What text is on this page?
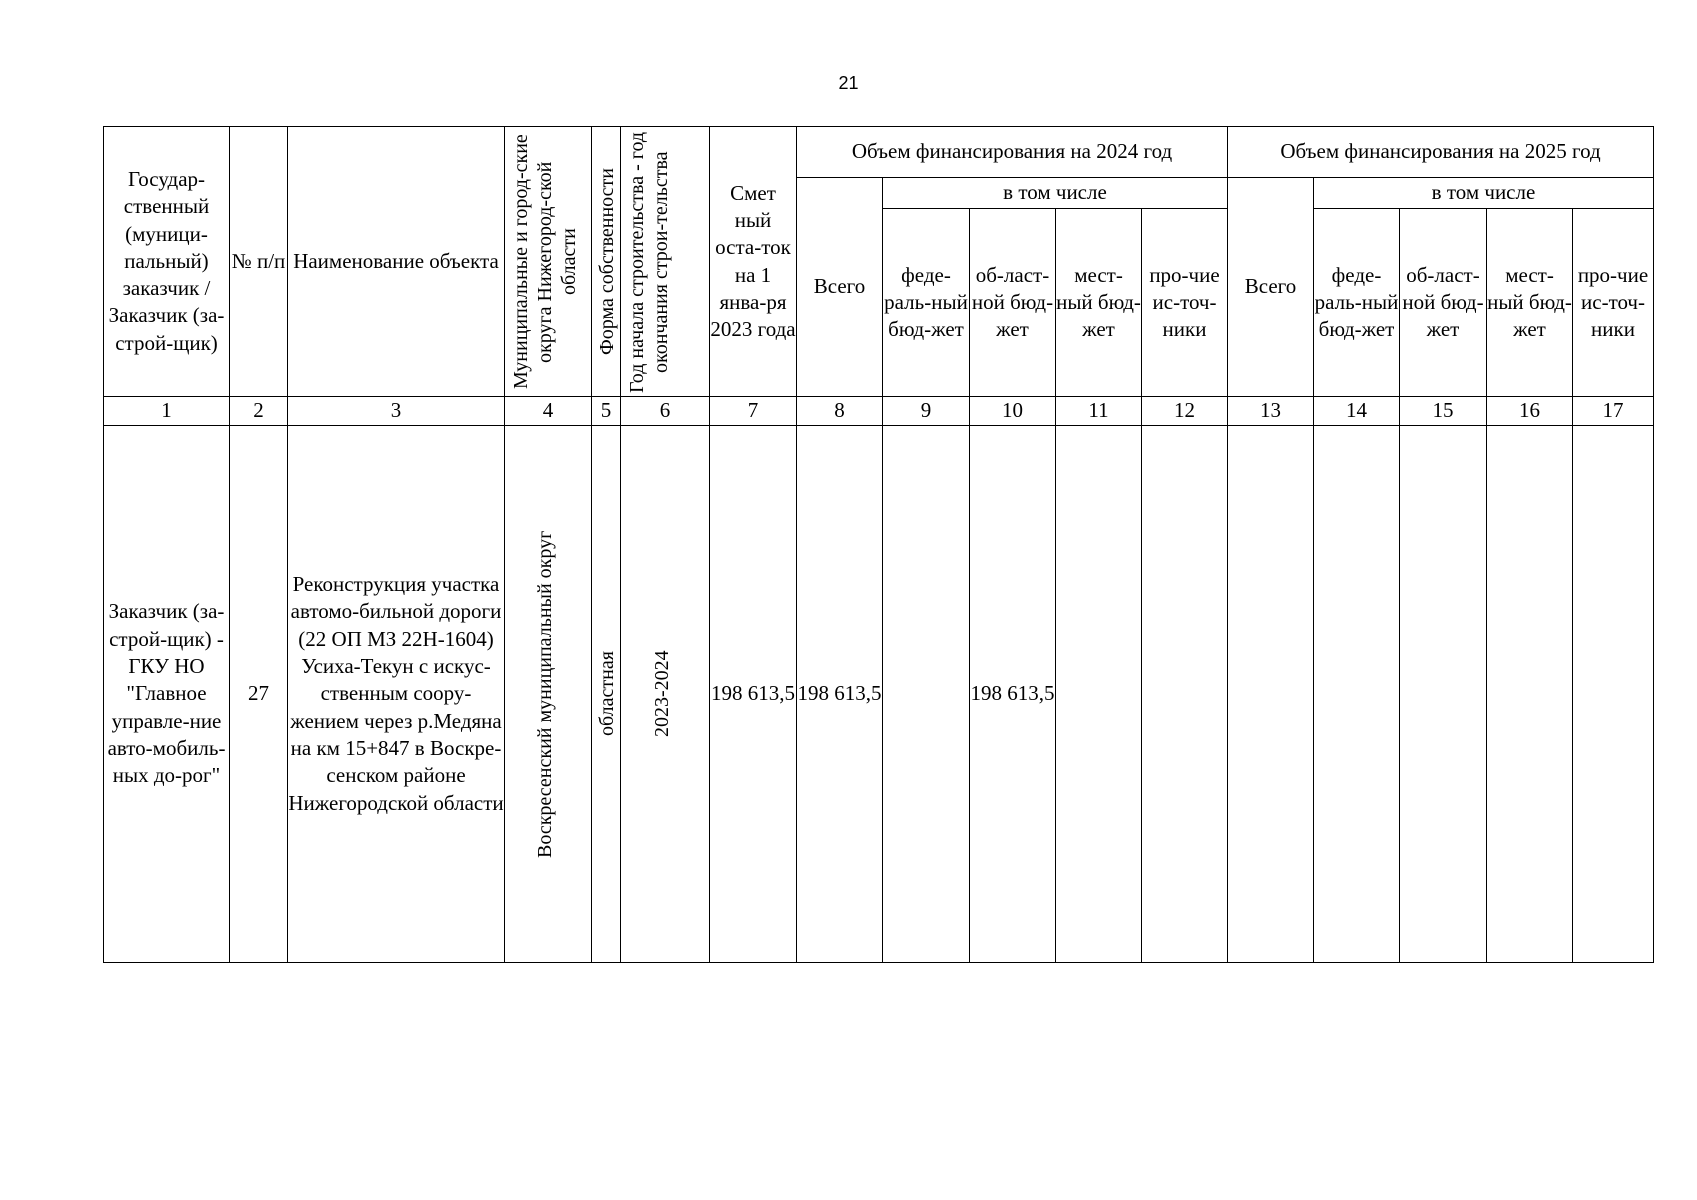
21
Государ-ственный (муници-пальный) заказчик /Заказчик (за-строй-щик)	№ п/п	Наименование объекта	Муниципальные и город-ские округа Нижегород-ской области	Форма собственности	Год начала строительства - год окончания строи-тельства	Смет ный оста-ток на 1 янва-ря 2023 года	Объем финансирования на 2024 год					Объем финансирования на 2025 год				
							Всего	в том числе				Всего	в том числе			
								феде-раль-ный бюд-жет	об-ласт-ной бюд-жет	мест-ный бюд-жет	про-чие ис-точ-ники		феде-раль-ный бюд-жет	об-ласт-ной бюд-жет	мест-ный бюд-жет	про-чие ис-точ-ники
1	2	3	4	5	6	7	8	9	10	11	12	13	14	15	16	17
Заказчик (за-строй-щик) - ГКУ НО "Главное управле-ние авто-мобиль-ных до-рог"	27	Реконструкция участка автомо-бильной дороги (22 ОП МЗ 22Н-1604) Усиха-Текун с искус-ственным соору-жением через р.Медяна на км 15+847 в Воскре-сенском районе Нижегородской области	Воскресенский муниципальный округ	областная	2023-2024	198 613,5	198 613,5		198 613,5							
